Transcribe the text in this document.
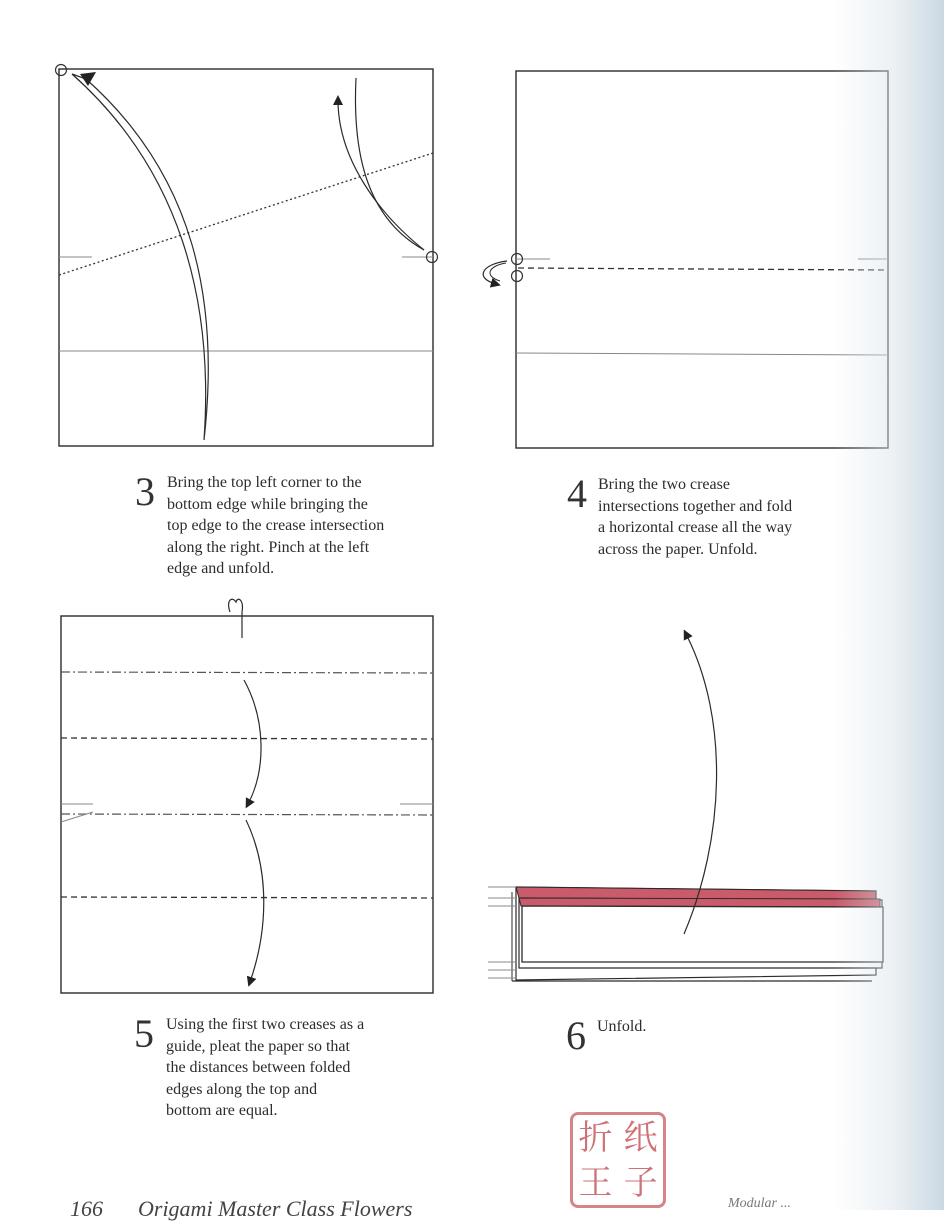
3 Bring the top left corner to the
bottom edge while bringing the
top edge to the crease intersection
along the right. Pinch at the left
edge and unfold.
4 Bring the two crease
intersections together and fold
a horizontal crease all the way
across the paper. Unfold.
5 Using the first two creases as a
guide, pleat the paper so that
the distances between folded
edges along the top and
bottom are equal.
6 Unfold.
折 纸
王 子
166 Origami Master Class Flowers	Modular ...
